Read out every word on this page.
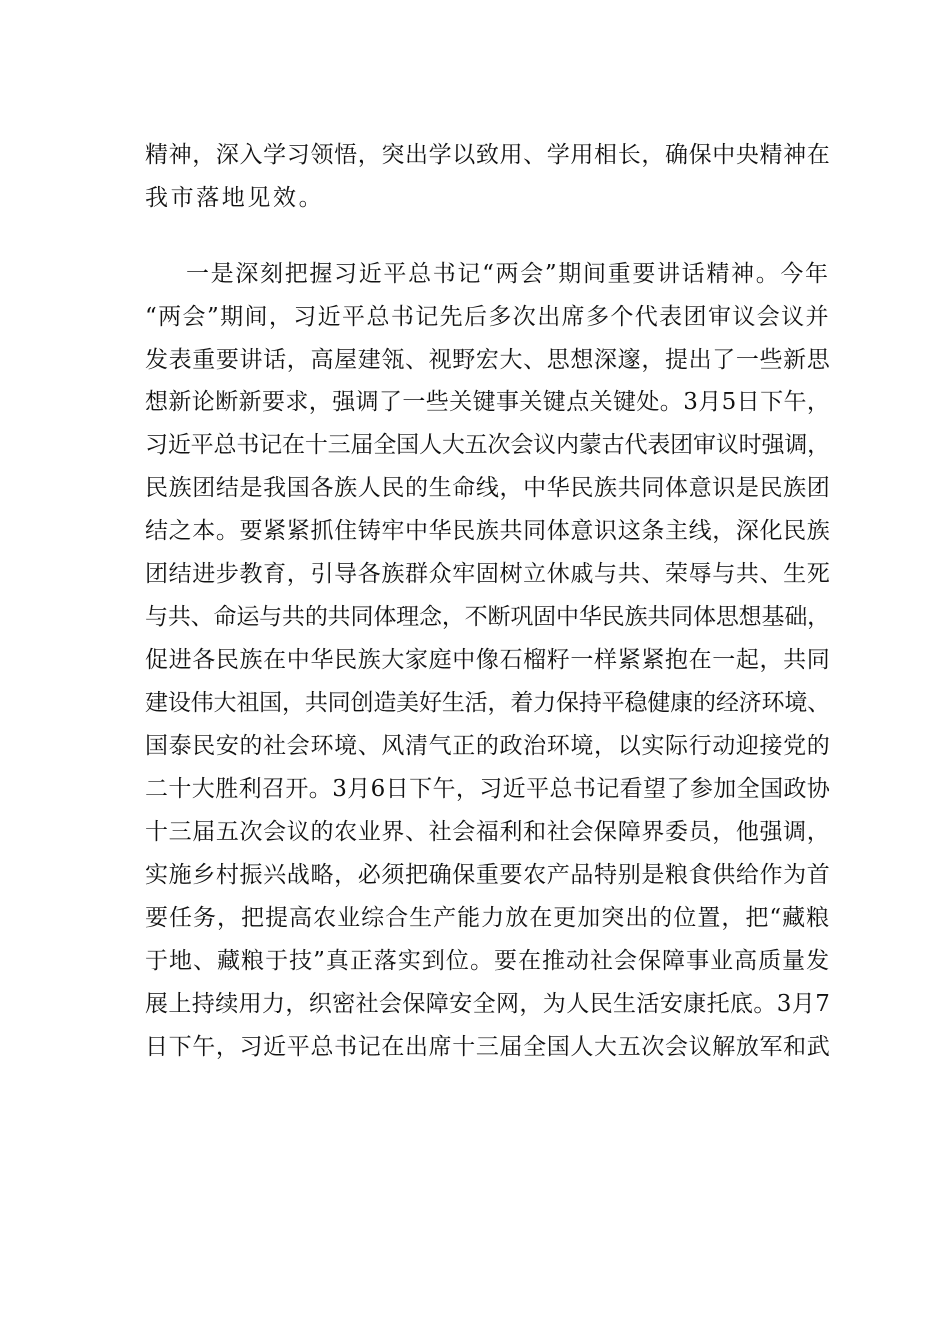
精神，深入学习领悟，突出学以致用、学用相长，确保中央精神在
我市落地见效。
一是深刻把握习近平总书记“两会”期间重要讲话精神。今年
“两会”期间，习近平总书记先后多次出席多个代表团审议会议并
发表重要讲话，高屋建瓴、视野宏大、思想深邃，提出了一些新思
想新论断新要求，强调了一些关键事关键点关键处。3月5日下午，
习近平总书记在十三届全国人大五次会议内蒙古代表团审议时强调，
民族团结是我国各族人民的生命线，中华民族共同体意识是民族团
结之本。要紧紧抓住铸牢中华民族共同体意识这条主线，深化民族
团结进步教育，引导各族群众牢固树立休戚与共、荣辱与共、生死
与共、命运与共的共同体理念，不断巩固中华民族共同体思想基础，
促进各民族在中华民族大家庭中像石榴籽一样紧紧抱在一起，共同
建设伟大祖国，共同创造美好生活，着力保持平稳健康的经济环境、
国泰民安的社会环境、风清气正的政治环境，以实际行动迎接党的
二十大胜利召开。3月6日下午，习近平总书记看望了参加全国政协
十三届五次会议的农业界、社会福利和社会保障界委员，他强调，
实施乡村振兴战略，必须把确保重要农产品特别是粮食供给作为首
要任务，把提高农业综合生产能力放在更加突出的位置，把“藏粮
于地、藏粮于技”真正落实到位。要在推动社会保障事业高质量发
展上持续用力，织密社会保障安全网，为人民生活安康托底。3月7
日下午，习近平总书记在出席十三届全国人大五次会议解放军和武
